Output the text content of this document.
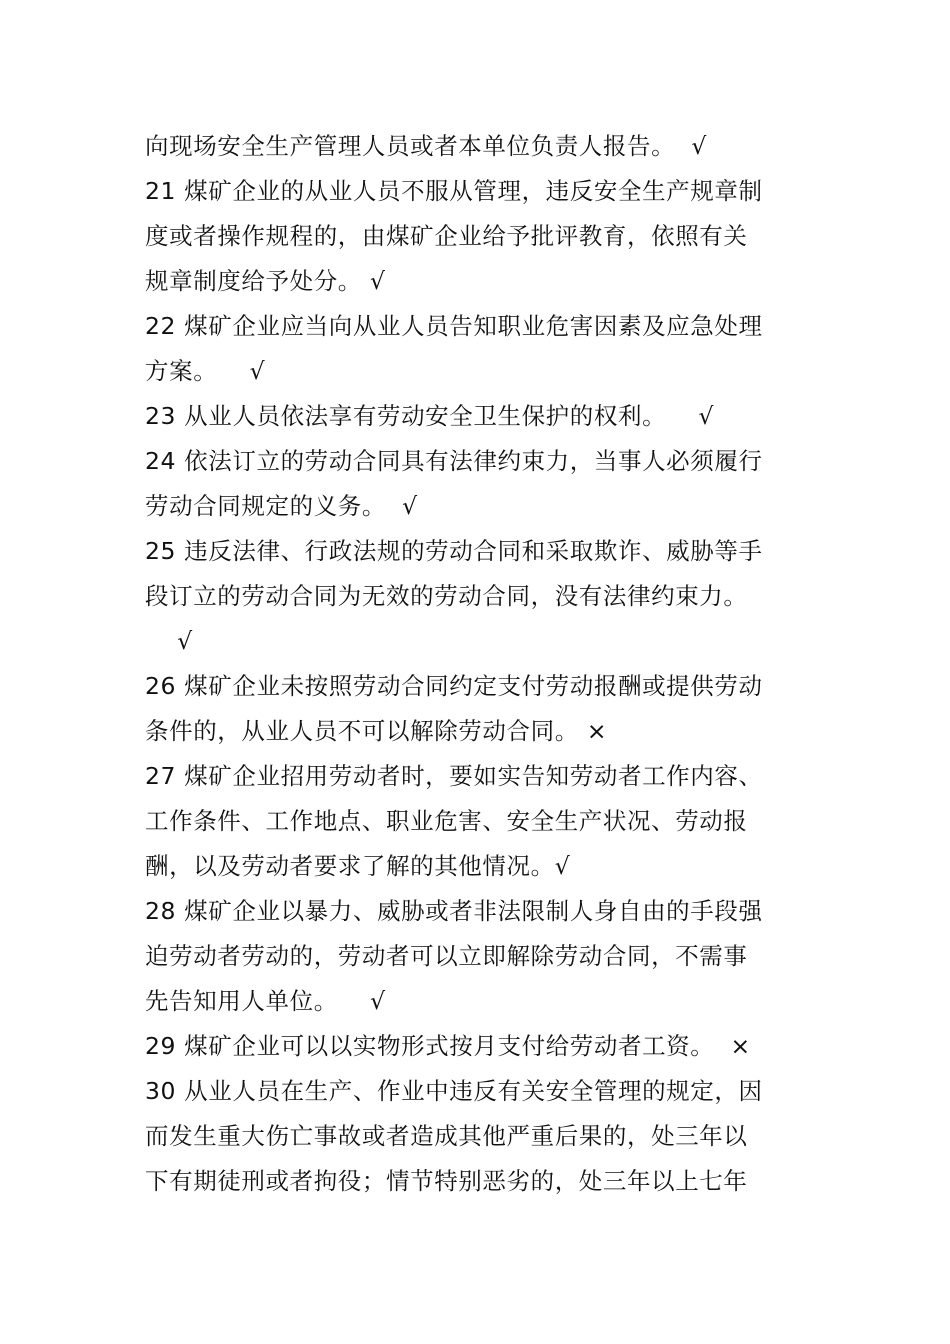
向现场安全生产管理人员或者本单位负责人报告。  √
21 煤矿企业的从业人员不服从管理，违反安全生产规章制
度或者操作规程的，由煤矿企业给予批评教育，依照有关
规章制度给予处分。 √
22 煤矿企业应当向从业人员告知职业危害因素及应急处理
方案。    √
23 从业人员依法享有劳动安全卫生保护的权利。    √
24 依法订立的劳动合同具有法律约束力，当事人必须履行
劳动合同规定的义务。  √
25 违反法律、行政法规的劳动合同和采取欺诈、威胁等手
段订立的劳动合同为无效的劳动合同，没有法律约束力。
√
26 煤矿企业未按照劳动合同约定支付劳动报酬或提供劳动
条件的，从业人员不可以解除劳动合同。 ×
27 煤矿企业招用劳动者时，要如实告知劳动者工作内容、
工作条件、工作地点、职业危害、安全生产状况、劳动报
酬，以及劳动者要求了解的其他情况。√
28 煤矿企业以暴力、威胁或者非法限制人身自由的手段强
迫劳动者劳动的，劳动者可以立即解除劳动合同，不需事
先告知用人单位。    √
29 煤矿企业可以以实物形式按月支付给劳动者工资。  ×
30 从业人员在生产、作业中违反有关安全管理的规定，因
而发生重大伤亡事故或者造成其他严重后果的，处三年以
下有期徒刑或者拘役；情节特别恶劣的，处三年以上七年
